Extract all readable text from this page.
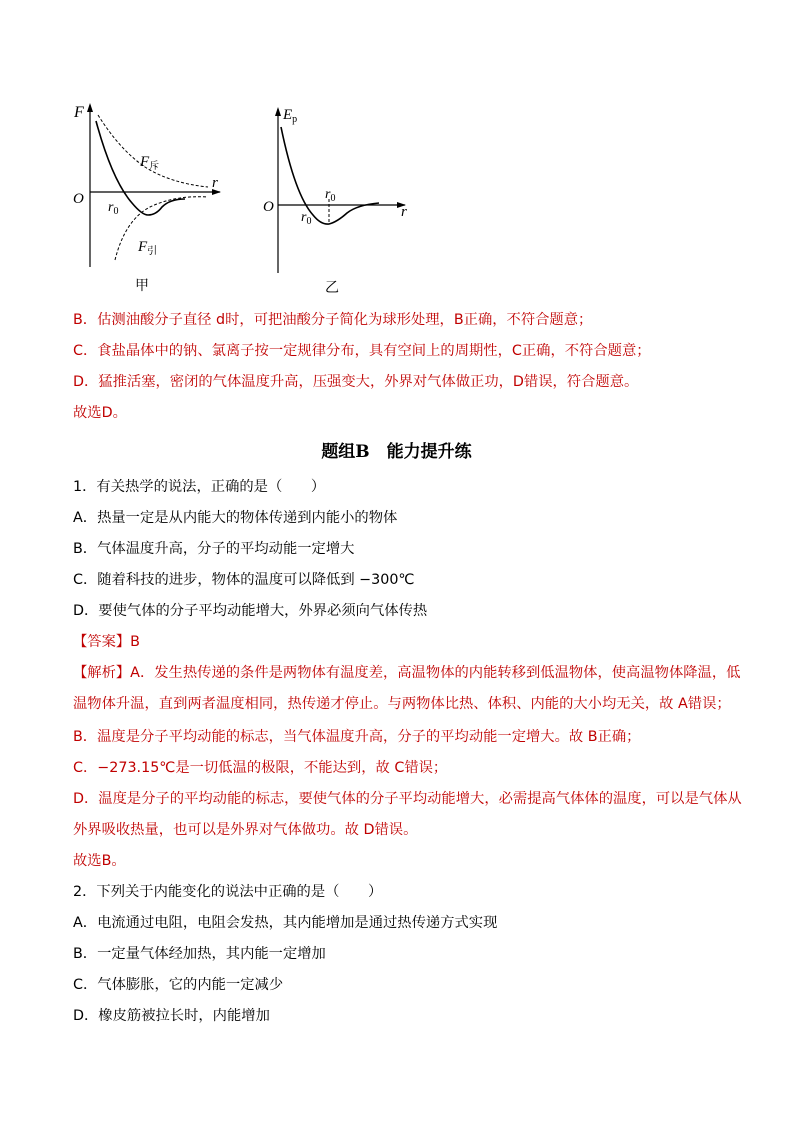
F
r
O
$r_0$
$F_斥$
$F_引$
甲
$E_p$
r
O
$r_0$
$r_0$
乙
B．估测油酸分子直径 d时，可把油酸分子简化为球形处理，B正确，不符合题意；
C．食盐晶体中的钠、氯离子按一定规律分布，具有空间上的周期性，C正确，不符合题意；
D．猛推活塞，密闭的气体温度升高，压强变大，外界对气体做正功，D错误，符合题意。
故选D。
题组B　能力提升练
1．有关热学的说法，正确的是（　　）
A．热量一定是从内能大的物体传递到内能小的物体
B．气体温度升高，分子的平均动能一定增大
C．随着科技的进步，物体的温度可以降低到 −300℃
D．要使气体的分子平均动能增大，外界必须向气体传热
【答案】B
【解析】A．发生热传递的条件是两物体有温度差，高温物体的内能转移到低温物体，使高温物体降温，低
温物体升温，直到两者温度相同，热传递才停止。与两物体比热、体积、内能的大小均无关，故 A错误；
B．温度是分子平均动能的标志，当气体温度升高，分子的平均动能一定增大。故 B正确；
C．−273.15℃是一切低温的极限，不能达到，故 C错误；
D．温度是分子的平均动能的标志，要使气体的分子平均动能增大，必需提高气体体的温度，可以是气体从
外界吸收热量，也可以是外界对气体做功。故 D错误。
故选B。
2．下列关于内能变化的说法中正确的是（　　）
A．电流通过电阻，电阻会发热，其内能增加是通过热传递方式实现
B．一定量气体经加热，其内能一定增加
C．气体膨胀，它的内能一定减少
D．橡皮筋被拉长时，内能增加
